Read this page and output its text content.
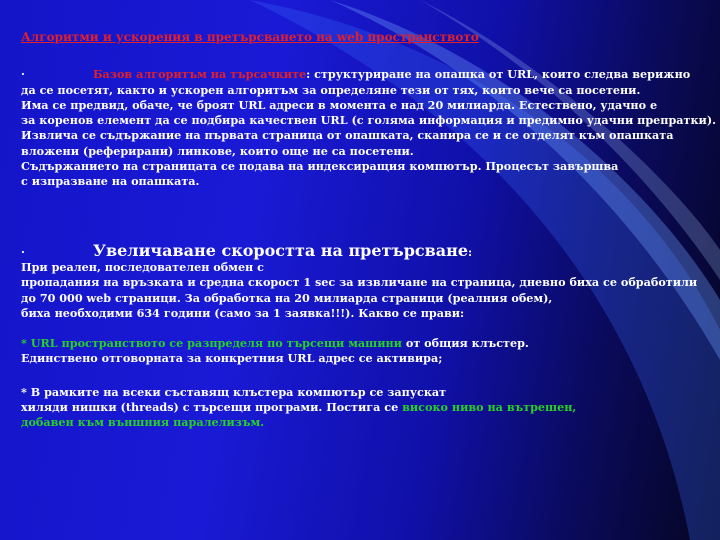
Алгоритми и ускорения в претърсването на web пространството
·	Базов алгоритъм на търсачките: структуриране на опашка от URL, които следва верижно
да се посетят, както и ускорен алгоритъм за определяне тези от тях, които вече са посетени.
Има се предвид, обаче, че броят URL адреси в момента е над 20 милиарда. Естествено, удачно е
за коренов елемент да се подбира качествен URL (с голяма информация и предимно удачни препратки).
Извлича се съдържание на първата страница от опашката, сканира се и се отделят към опашката
вложени (реферирани) линкове, които още не са посетени.
Съдържанието на страницата се подава на индексиращия компютър. Процесът завършва
с изпразване на опашката.
·	Увеличаване скоростта на претърсване:
При реален, последователен обмен с
пропадания на връзката и средна скорост 1 sec за извличане на страница, дневно биха се обработили
до 70 000 web страници. За обработка на 20 милиарда страници (реалния обем),
биха необходими 634 години (само за 1 заявка!!!). Какво се прави:
* URL пространството се разпределя по търсещи машини от общия клъстер.
Единствено отговорната за конкретния URL адрес се активира;
* В рамките на всеки съставящ клъстера компютър се запускат
хиляди нишки (threads) с търсещи програми. Постига се високо ниво на вътрешен,
добавен към външния паралелизъм.
